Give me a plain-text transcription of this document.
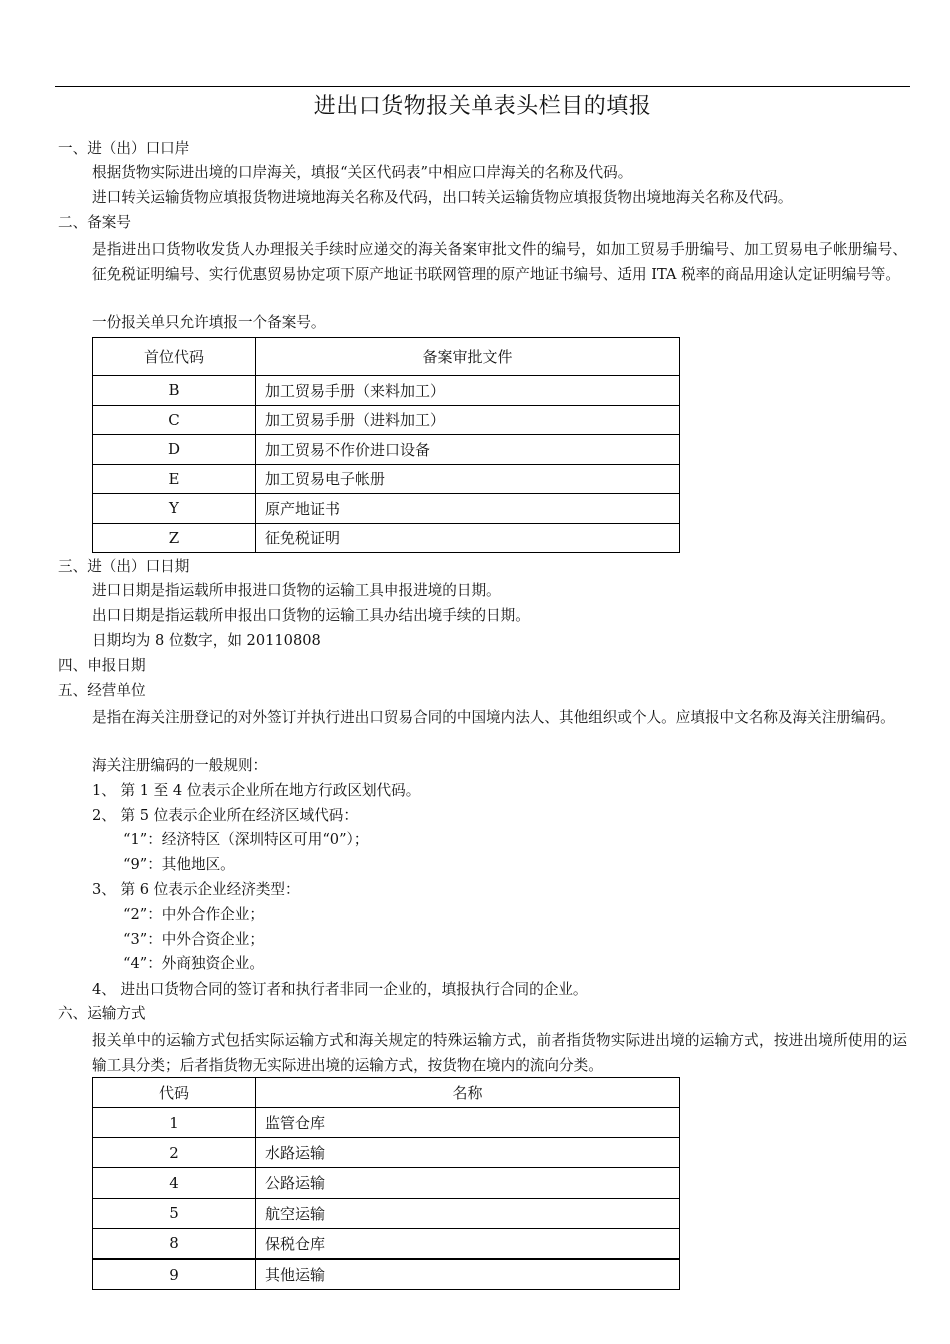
进出口货物报关单表头栏目的填报
一、进（出）口口岸
根据货物实际进出境的口岸海关，填报“关区代码表”中相应口岸海关的名称及代码。
进口转关运输货物应填报货物进境地海关名称及代码，出口转关运输货物应填报货物出境地海关名称及代码。
二、备案号
是指进出口货物收发货人办理报关手续时应递交的海关备案审批文件的编号，如加工贸易手册编号、加工贸易电子帐册编号、征免税证明编号、实行优惠贸易协定项下原产地证书联网管理的原产地证书编号、适用 ITA 税率的商品用途认定证明编号等。
一份报关单只允许填报一个备案号。
首位代码	备案审批文件
B	加工贸易手册（来料加工）
C	加工贸易手册（进料加工）
D	加工贸易不作价进口设备
E	加工贸易电子帐册
Y	原产地证书
Z	征免税证明
三、进（出）口日期
进口日期是指运载所申报进口货物的运输工具申报进境的日期。
出口日期是指运载所申报出口货物的运输工具办结出境手续的日期。
日期均为 8 位数字，如 20110808
四、申报日期
五、经营单位
是指在海关注册登记的对外签订并执行进出口贸易合同的中国境内法人、其他组织或个人。应填报中文名称及海关注册编码。
海关注册编码的一般规则：
1、 第 1 至 4 位表示企业所在地方行政区划代码。
2、 第 5 位表示企业所在经济区域代码：
“1”：经济特区（深圳特区可用“0”）；
“9”：其他地区。
3、 第 6 位表示企业经济类型：
“2”：中外合作企业；
“3”：中外合资企业；
“4”：外商独资企业。
4、 进出口货物合同的签订者和执行者非同一企业的，填报执行合同的企业。
六、运输方式
报关单中的运输方式包括实际运输方式和海关规定的特殊运输方式，前者指货物实际进出境的运输方式，按进出境所使用的运输工具分类；后者指货物无实际进出境的运输方式，按货物在境内的流向分类。
代码	名称
1	监管仓库
2	水路运输
4	公路运输
5	航空运输
8	保税仓库
9	其他运输
